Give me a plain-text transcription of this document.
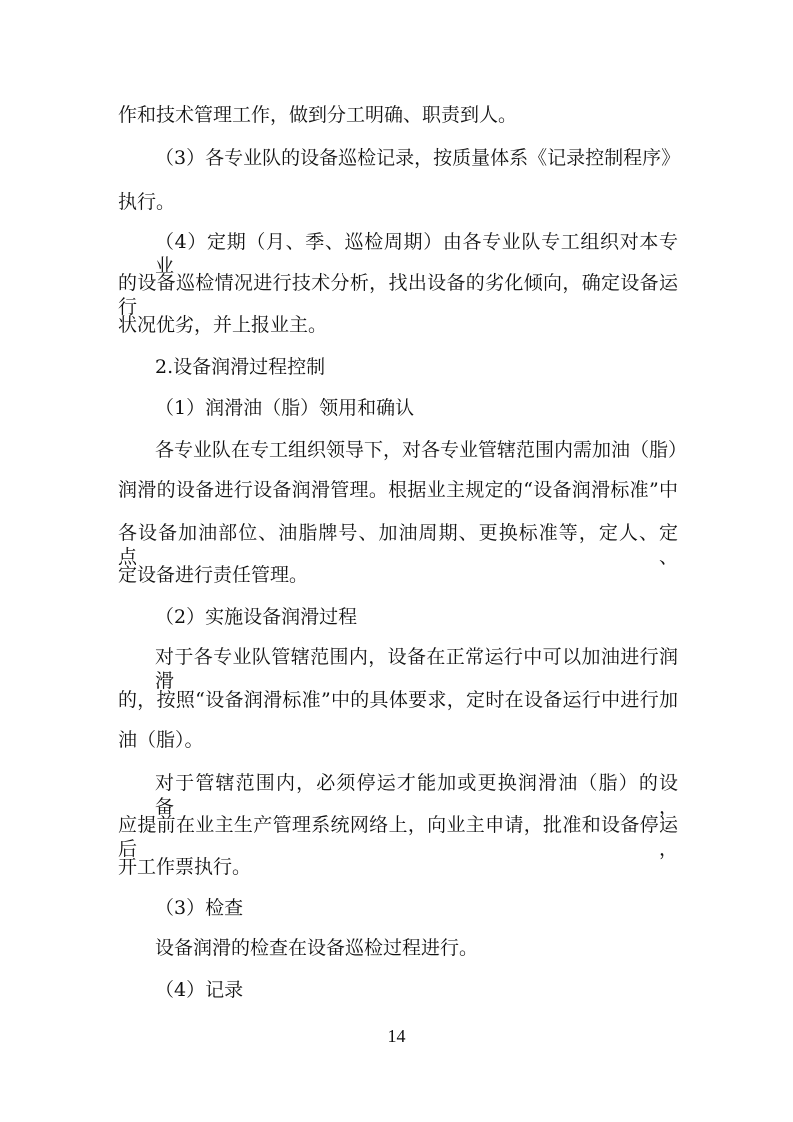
作和技术管理工作，做到分工明确、职责到人。
（3）各专业队的设备巡检记录，按质量体系《记录控制程序》
执行。
（4）定期（月、季、巡检周期）由各专业队专工组织对本专业
的设备巡检情况进行技术分析，找出设备的劣化倾向，确定设备运行
状况优劣，并上报业主。
2.设备润滑过程控制
（1）润滑油（脂）领用和确认
各专业队在专工组织领导下，对各专业管辖范围内需加油（脂）
润滑的设备进行设备润滑管理。根据业主规定的“设备润滑标准”中
各设备加油部位、油脂牌号、加油周期、更换标准等，定人、定点、
定设备进行责任管理。
（2）实施设备润滑过程
对于各专业队管辖范围内，设备在正常运行中可以加油进行润滑
的，按照“设备润滑标准”中的具体要求，定时在设备运行中进行加
油（脂）。
对于管辖范围内，必须停运才能加或更换润滑油（脂）的设备，
应提前在业主生产管理系统网络上，向业主申请，批准和设备停运后，
开工作票执行。
（3）检查
设备润滑的检查在设备巡检过程进行。
（4）记录
14
